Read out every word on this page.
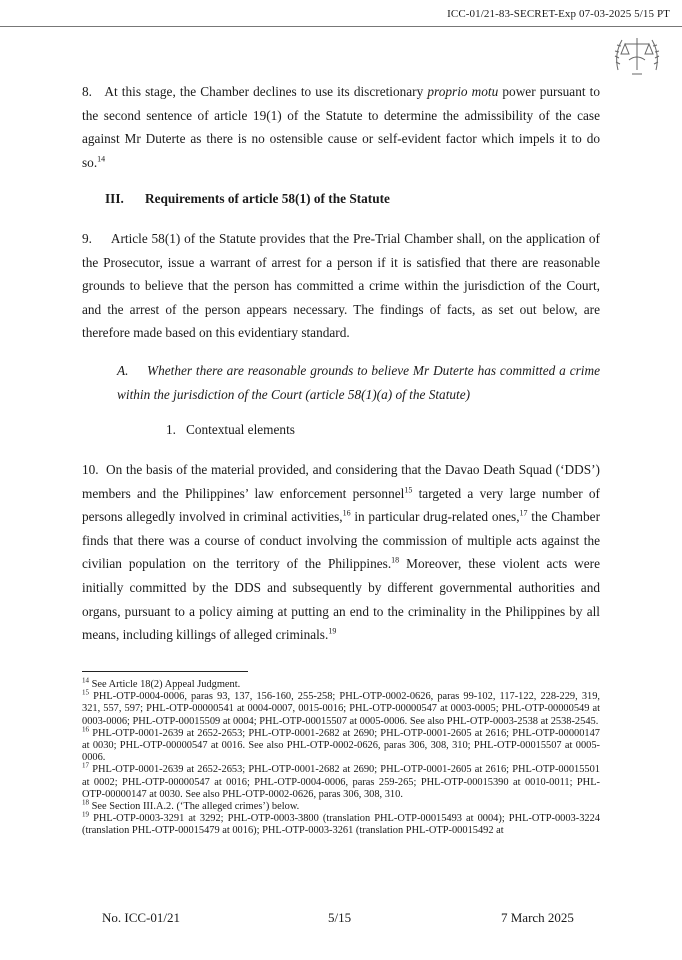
ICC-01/21-83-SECRET-Exp 07-03-2025 5/15 PT

8. At this stage, the Chamber declines to use its discretionary proprio motu power pursuant to the second sentence of article 19(1) of the Statute to determine the admissibility of the case against Mr Duterte as there is no ostensible cause or self-evident factor which impels it to do so.$^{14}$

III. Requirements of article 58(1) of the Statute

9. Article 58(1) of the Statute provides that the Pre-Trial Chamber shall, on the application of the Prosecutor, issue a warrant of arrest for a person if it is satisfied that there are reasonable grounds to believe that the person has committed a crime within the jurisdiction of the Court, and the arrest of the person appears necessary. The findings of facts, as set out below, are therefore made based on this evidentiary standard.

A. Whether there are reasonable grounds to believe Mr Duterte has committed a crime within the jurisdiction of the Court (article 58(1)(a) of the Statute)
1. Contextual elements

10. On the basis of the material provided, and considering that the Davao Death Squad (‘DDS’) members and the Philippines’ law enforcement personnel$^{15}$ targeted a very large number of persons allegedly involved in criminal activities,$^{16}$ in particular drug-related ones,$^{17}$ the Chamber finds that there was a course of conduct involving the commission of multiple acts against the civilian population on the territory of the Philippines.$^{18}$ Moreover, these violent acts were initially committed by the DDS and subsequently by different governmental authorities and organs, pursuant to a policy aiming at putting an end to the criminality in the Philippines by all means, including killings of alleged criminals.$^{19}$

$^{14}$ See Article 18(2) Appeal Judgment.

$^{15}$ PHL-OTP-0004-0006, paras 93, 137, 156-160, 255-258; PHL-OTP-0002-0626, paras 99-102, 117-122, 228-229, 319, 321, 557, 597; PHL-OTP-00000541 at 0004-0007, 0015-0016; PHL-OTP-00000547 at 0003-0005; PHL-OTP-00000549 at 0003-0006; PHL-OTP-00015509 at 0004; PHL-OTP-00015507 at 0005-0006. See also PHL-OTP-0003-2538 at 2538-2545.

$^{16}$ PHL-OTP-0001-2639 at 2652-2653; PHL-OTP-0001-2682 at 2690; PHL-OTP-0001-2605 at 2616; PHL-OTP-00000147 at 0030; PHL-OTP-00000547 at 0016. See also PHL-OTP-0002-0626, paras 306, 308, 310; PHL-OTP-00015507 at 0005-0006.

$^{17}$ PHL-OTP-0001-2639 at 2652-2653; PHL-OTP-0001-2682 at 2690; PHL-OTP-0001-2605 at 2616; PHL-OTP-00015501 at 0002; PHL-OTP-00000547 at 0016; PHL-OTP-0004-0006, paras 259-265; PHL-OTP-00015390 at 0010-0011; PHL-OTP-00000147 at 0030. See also PHL-OTP-0002-0626, paras 306, 308, 310.

$^{18}$ See Section III.A.2. (‘The alleged crimes’) below.

$^{19}$ PHL-OTP-0003-3291 at 3292; PHL-OTP-0003-3800 (translation PHL-OTP-00015493 at 0004); PHL-OTP-0003-3224 (translation PHL-OTP-00015479 at 0016); PHL-OTP-0003-3261 (translation PHL-OTP-00015492 at

No. ICC-01/21	5/15	7 March 2025
